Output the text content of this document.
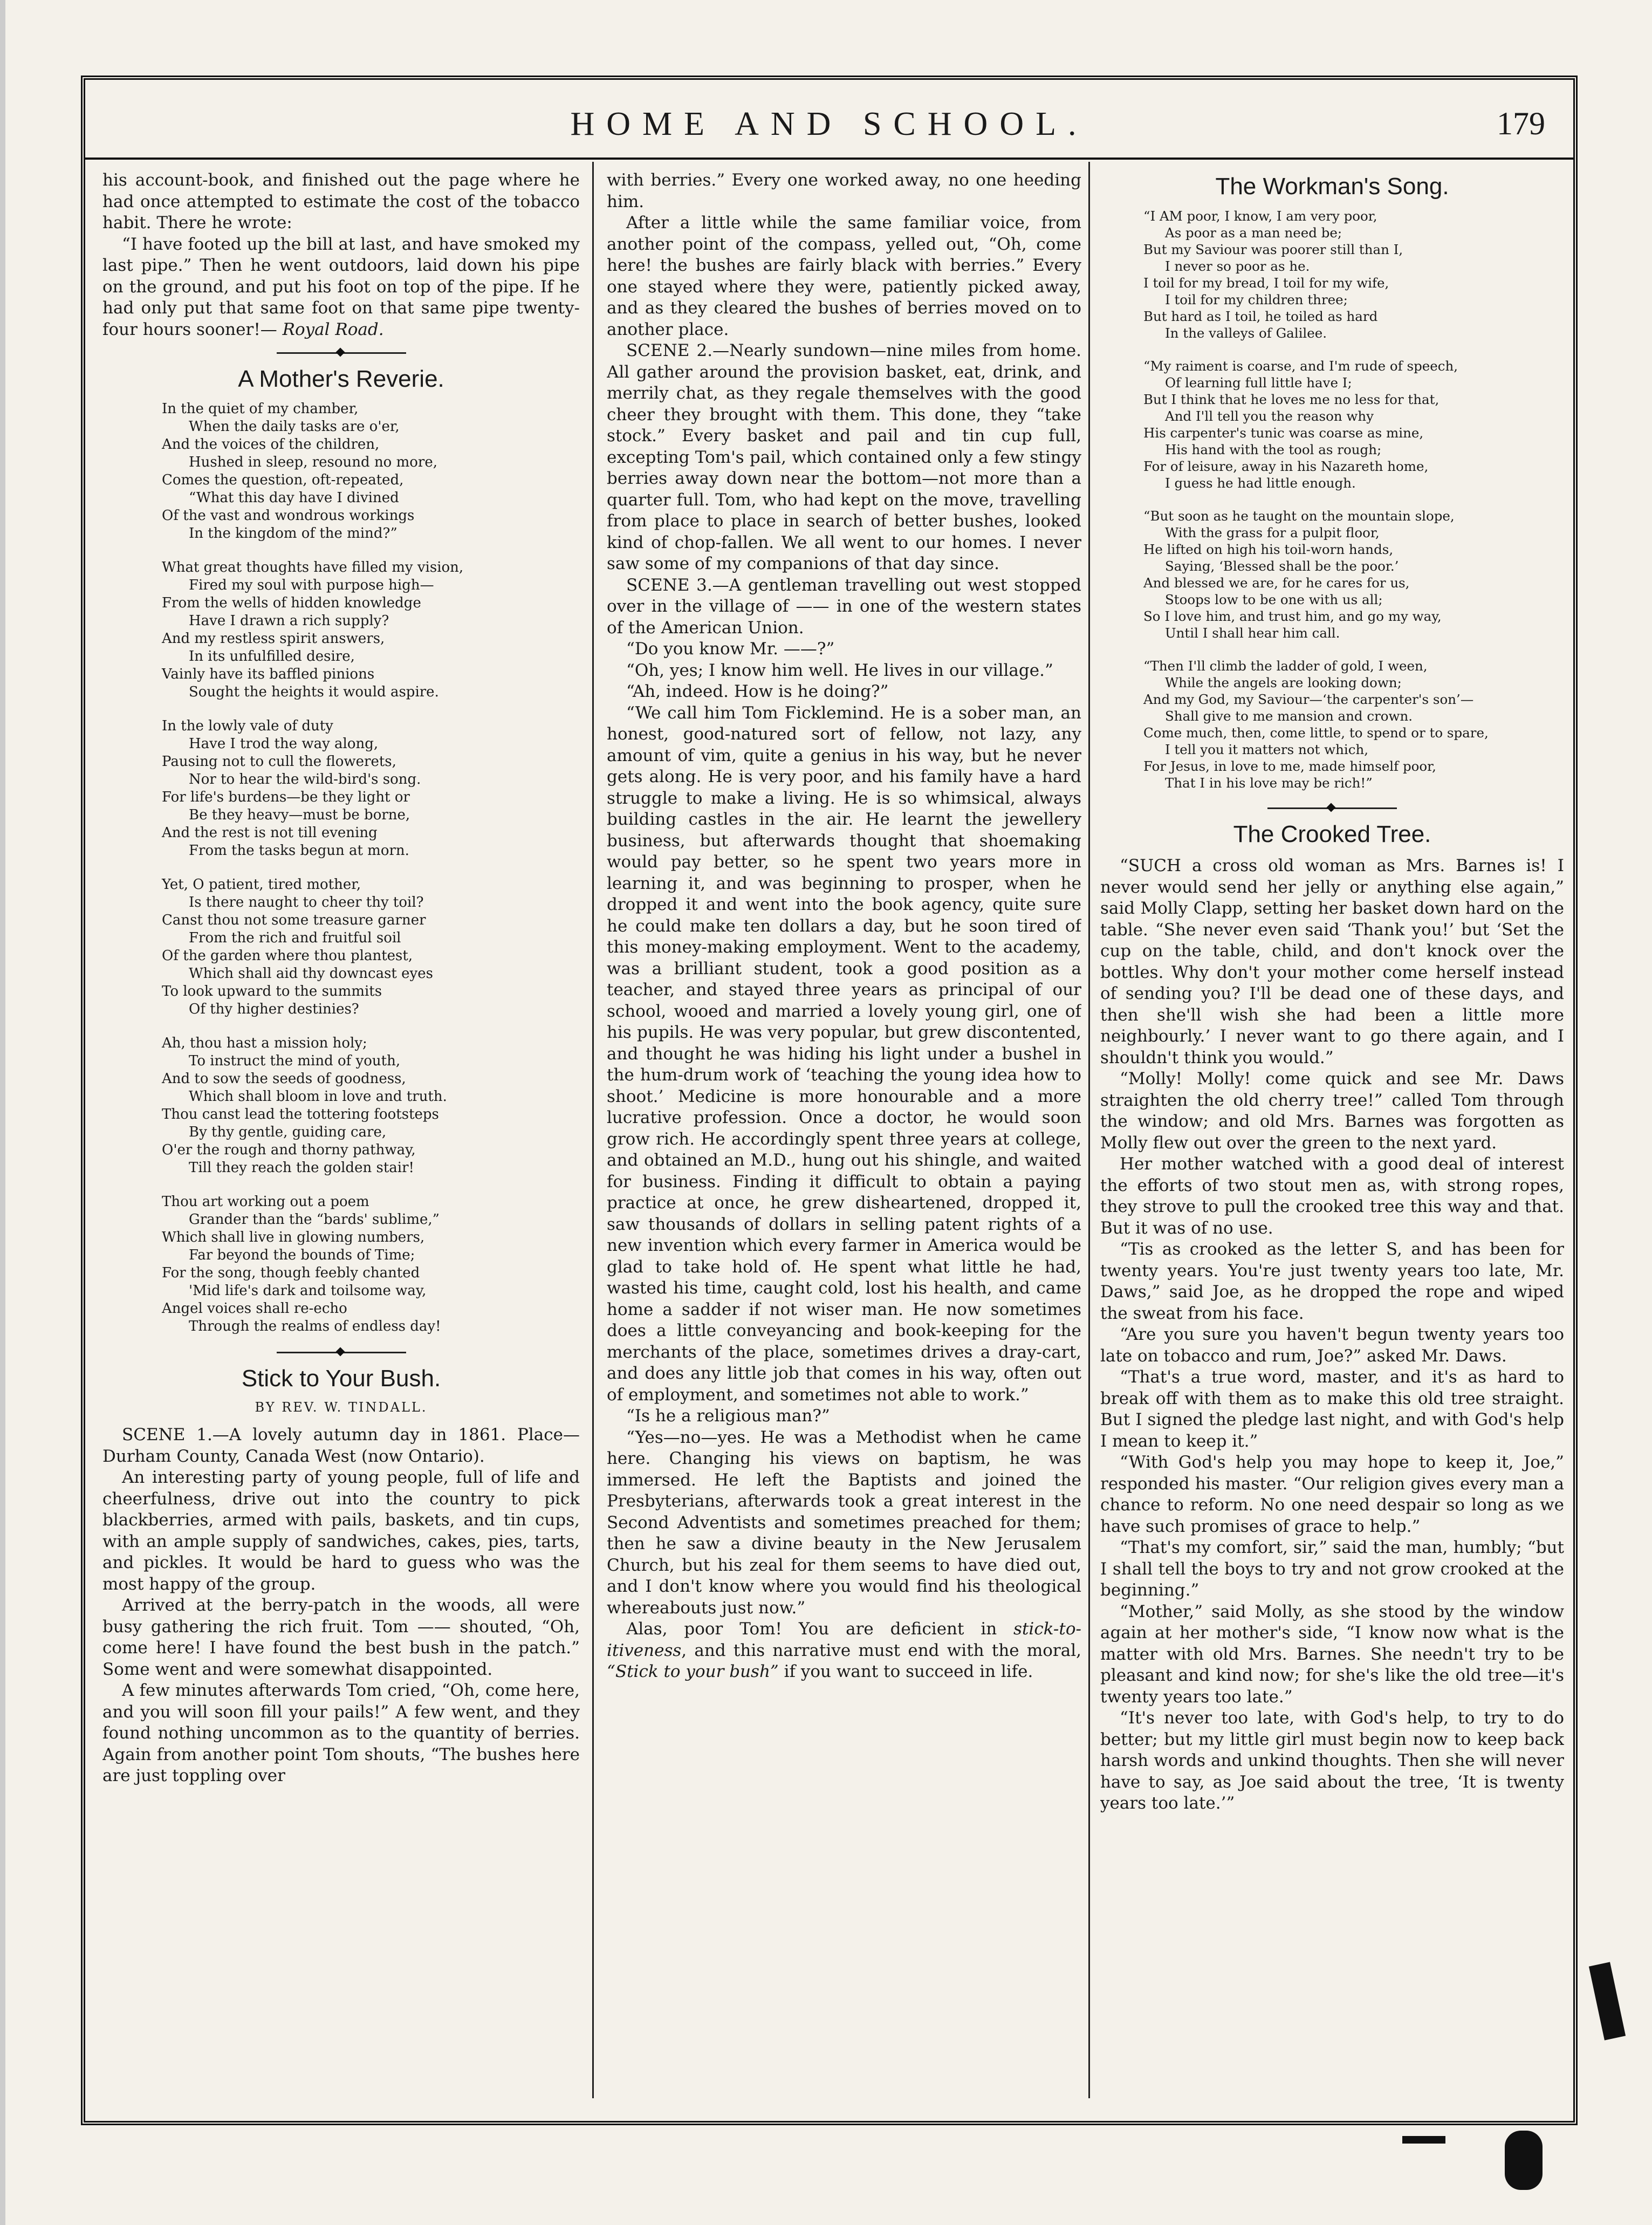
HOME AND SCHOOL.	179

his account-book, and finished out the page where he had once attempted to estimate the cost of the tobacco habit. There he wrote:

“I have footed up the bill at last, and have smoked my last pipe.” Then he went outdoors, laid down his pipe on the ground, and put his foot on top of the pipe. If he had only put that same foot on that same pipe twenty-four hours sooner!— Royal Road.

A Mother's Reverie.
In the quiet of my chamber,
When the daily tasks are o'er,
And the voices of the children,
Hushed in sleep, resound no more,
Comes the question, oft-repeated,
“What this day have I divined
Of the vast and wondrous workings
In the kingdom of the mind?”
What great thoughts have filled my vision,
Fired my soul with purpose high—
From the wells of hidden knowledge
Have I drawn a rich supply?
And my restless spirit answers,
In its unfulfilled desire,
Vainly have its baffled pinions
Sought the heights it would aspire.
In the lowly vale of duty
Have I trod the way along,
Pausing not to cull the flowerets,
Nor to hear the wild-bird's song.
For life's burdens—be they light or
Be they heavy—must be borne,
And the rest is not till evening
From the tasks begun at morn.
Yet, O patient, tired mother,
Is there naught to cheer thy toil?
Canst thou not some treasure garner
From the rich and fruitful soil
Of the garden where thou plantest,
Which shall aid thy downcast eyes
To look upward to the summits
Of thy higher destinies?
Ah, thou hast a mission holy;
To instruct the mind of youth,
And to sow the seeds of goodness,
Which shall bloom in love and truth.
Thou canst lead the tottering footsteps
By thy gentle, guiding care,
O'er the rough and thorny pathway,
Till they reach the golden stair!
Thou art working out a poem
Grander than the “bards' sublime,”
Which shall live in glowing numbers,
Far beyond the bounds of Time;
For the song, though feebly chanted
'Mid life's dark and toilsome way,
Angel voices shall re-echo
Through the realms of endless day!
Stick to Your Bush.
BY REV. W. TINDALL.

SCENE 1.—A lovely autumn day in 1861. Place—Durham County, Canada West (now Ontario).

An interesting party of young people, full of life and cheerfulness, drive out into the country to pick blackberries, armed with pails, baskets, and tin cups, with an ample supply of sandwiches, cakes, pies, tarts, and pickles. It would be hard to guess who was the most happy of the group.

Arrived at the berry-patch in the woods, all were busy gathering the rich fruit. Tom —— shouted, “Oh, come here! I have found the best bush in the patch.” Some went and were somewhat disappointed.

A few minutes afterwards Tom cried, “Oh, come here, and you will soon fill your pails!” A few went, and they found nothing uncommon as to the quantity of berries. Again from another point Tom shouts, “The bushes here are just toppling over

with berries.” Every one worked away, no one heeding him.

After a little while the same familiar voice, from another point of the compass, yelled out, “Oh, come here! the bushes are fairly black with berries.” Every one stayed where they were, patiently picked away, and as they cleared the bushes of berries moved on to another place.

SCENE 2.—Nearly sundown—nine miles from home. All gather around the provision basket, eat, drink, and merrily chat, as they regale themselves with the good cheer they brought with them. This done, they “take stock.” Every basket and pail and tin cup full, excepting Tom's pail, which contained only a few stingy berries away down near the bottom—not more than a quarter full. Tom, who had kept on the move, travelling from place to place in search of better bushes, looked kind of chop-fallen. We all went to our homes. I never saw some of my companions of that day since.

SCENE 3.—A gentleman travelling out west stopped over in the village of —— in one of the western states of the American Union.

“Do you know Mr. ——?”

“Oh, yes; I know him well. He lives in our village.”

“Ah, indeed. How is he doing?”

“We call him Tom Ficklemind. He is a sober man, an honest, good-natured sort of fellow, not lazy, any amount of vim, quite a genius in his way, but he never gets along. He is very poor, and his family have a hard struggle to make a living. He is so whimsical, always building castles in the air. He learnt the jewellery business, but afterwards thought that shoemaking would pay better, so he spent two years more in learning it, and was beginning to prosper, when he dropped it and went into the book agency, quite sure he could make ten dollars a day, but he soon tired of this money-making employment. Went to the academy, was a brilliant student, took a good position as a teacher, and stayed three years as principal of our school, wooed and married a lovely young girl, one of his pupils. He was very popular, but grew discontented, and thought he was hiding his light under a bushel in the hum-drum work of ‘teaching the young idea how to shoot.’ Medicine is more honourable and a more lucrative profession. Once a doctor, he would soon grow rich. He accordingly spent three years at college, and obtained an M.D., hung out his shingle, and waited for business. Finding it difficult to obtain a paying practice at once, he grew disheartened, dropped it, saw thousands of dollars in selling patent rights of a new invention which every farmer in America would be glad to take hold of. He spent what little he had, wasted his time, caught cold, lost his health, and came home a sadder if not wiser man. He now sometimes does a little conveyancing and book-keeping for the merchants of the place, sometimes drives a dray-cart, and does any little job that comes in his way, often out of employment, and sometimes not able to work.”

“Is he a religious man?”

“Yes—no—yes. He was a Methodist when he came here. Changing his views on baptism, he was immersed. He left the Baptists and joined the Presbyterians, afterwards took a great interest in the Second Adventists and sometimes preached for them; then he saw a divine beauty in the New Jerusalem Church, but his zeal for them seems to have died out, and I don't know where you would find his theological whereabouts just now.”

Alas, poor Tom! You are deficient in stick-to-itiveness, and this narrative must end with the moral, “Stick to your bush” if you want to succeed in life.

The Workman's Song.
“I AM poor, I know, I am very poor,
As poor as a man need be;
But my Saviour was poorer still than I,
I never so poor as he.
I toil for my bread, I toil for my wife,
I toil for my children three;
But hard as I toil, he toiled as hard
In the valleys of Galilee.
“My raiment is coarse, and I'm rude of speech,
Of learning full little have I;
But I think that he loves me no less for that,
And I'll tell you the reason why
His carpenter's tunic was coarse as mine,
His hand with the tool as rough;
For of leisure, away in his Nazareth home,
I guess he had little enough.
“But soon as he taught on the mountain slope,
With the grass for a pulpit floor,
He lifted on high his toil-worn hands,
Saying, ‘Blessed shall be the poor.’
And blessed we are, for he cares for us,
Stoops low to be one with us all;
So I love him, and trust him, and go my way,
Until I shall hear him call.
“Then I'll climb the ladder of gold, I ween,
While the angels are looking down;
And my God, my Saviour—‘the carpenter's son’—
Shall give to me mansion and crown.
Come much, then, come little, to spend or to spare,
I tell you it matters not which,
For Jesus, in love to me, made himself poor,
That I in his love may be rich!”
The Crooked Tree.

“SUCH a cross old woman as Mrs. Barnes is! I never would send her jelly or anything else again,” said Molly Clapp, setting her basket down hard on the table. “She never even said ‘Thank you!’ but ‘Set the cup on the table, child, and don't knock over the bottles. Why don't your mother come herself instead of sending you? I'll be dead one of these days, and then she'll wish she had been a little more neighbourly.’ I never want to go there again, and I shouldn't think you would.”

“Molly! Molly! come quick and see Mr. Daws straighten the old cherry tree!” called Tom through the window; and old Mrs. Barnes was forgotten as Molly flew out over the green to the next yard.

Her mother watched with a good deal of interest the efforts of two stout men as, with strong ropes, they strove to pull the crooked tree this way and that. But it was of no use.

“Tis as crooked as the letter S, and has been for twenty years. You're just twenty years too late, Mr. Daws,” said Joe, as he dropped the rope and wiped the sweat from his face.

“Are you sure you haven't begun twenty years too late on tobacco and rum, Joe?” asked Mr. Daws.

“That's a true word, master, and it's as hard to break off with them as to make this old tree straight. But I signed the pledge last night, and with God's help I mean to keep it.”

“With God's help you may hope to keep it, Joe,” responded his master. “Our religion gives every man a chance to reform. No one need despair so long as we have such promises of grace to help.”

“That's my comfort, sir,” said the man, humbly; “but I shall tell the boys to try and not grow crooked at the beginning.”

“Mother,” said Molly, as she stood by the window again at her mother's side, “I know now what is the matter with old Mrs. Barnes. She needn't try to be pleasant and kind now; for she's like the old tree—it's twenty years too late.”

“It's never too late, with God's help, to try to do better; but my little girl must begin now to keep back harsh words and unkind thoughts. Then she will never have to say, as Joe said about the tree, ‘It is twenty years too late.’”
